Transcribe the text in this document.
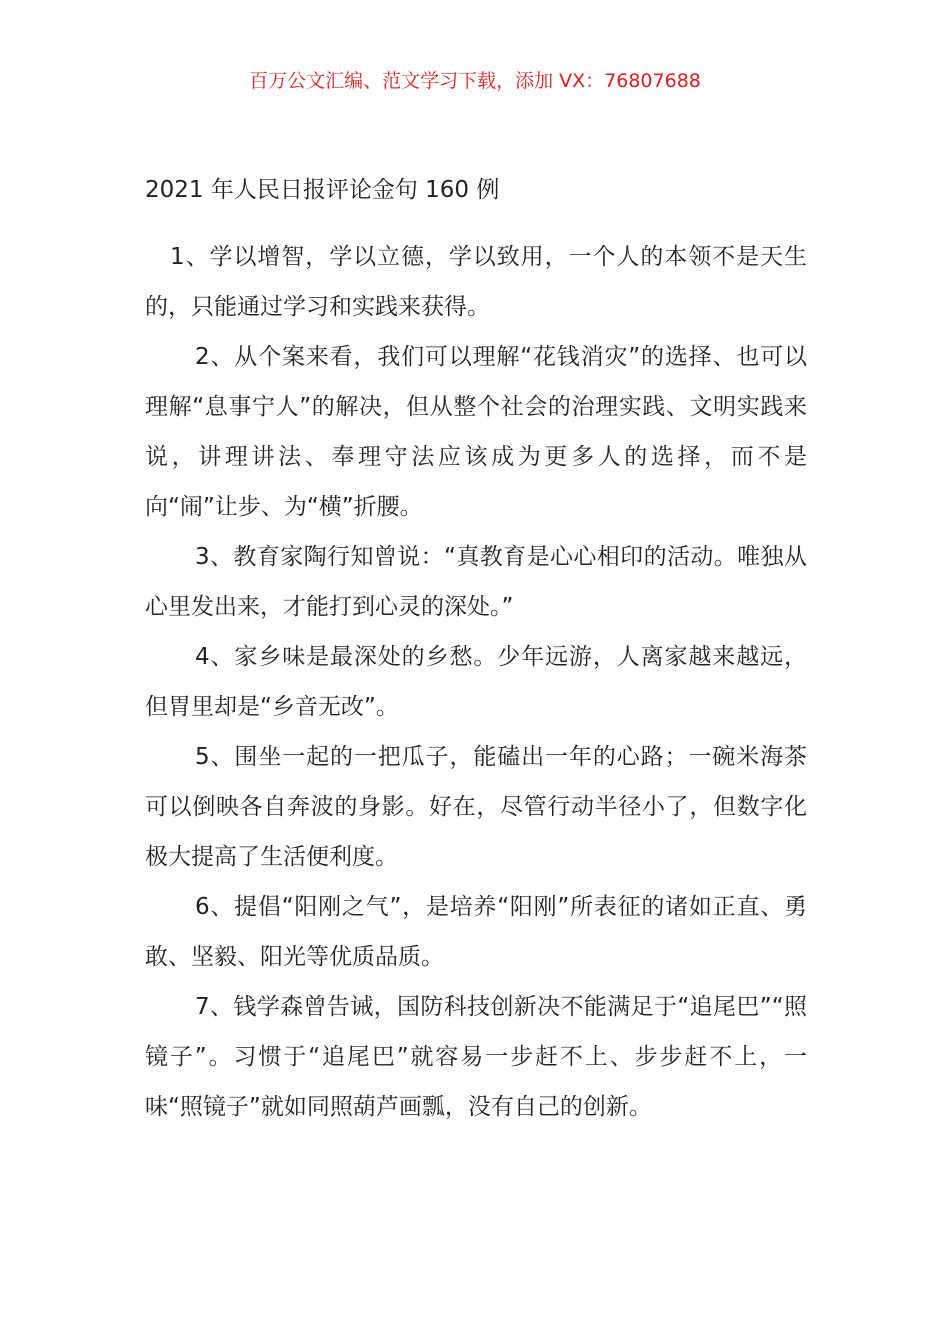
百万公文汇编、范文学习下载，添加 VX：76807688
2021 年人民日报评论金句 160 例

1、学以增智，学以立德，学以致用，一个人的本领不是天生的，只能通过学习和实践来获得。

2、从个案来看，我们可以理解“花钱消灾”的选择、也可以理解“息事宁人”的解决，但从整个社会的治理实践、文明实践来说，讲理讲法、奉理守法应该成为更多人的选择，而不是向“闹”让步、为“横”折腰。

3、教育家陶行知曾说：“真教育是心心相印的活动。唯独从心里发出来，才能打到心灵的深处。”

4、家乡味是最深处的乡愁。少年远游，人离家越来越远，但胃里却是“乡音无改”。

5、围坐一起的一把瓜子，能磕出一年的心路；一碗米海茶可以倒映各自奔波的身影。好在，尽管行动半径小了，但数字化极大提高了生活便利度。

6、提倡“阳刚之气”，是培养“阳刚”所表征的诸如正直、勇敢、坚毅、阳光等优质品质。

7、钱学森曾告诫，国防科技创新决不能满足于“追尾巴”“照镜子”。习惯于“追尾巴”就容易一步赶不上、步步赶不上，一味“照镜子”就如同照葫芦画瓢，没有自己的创新。
